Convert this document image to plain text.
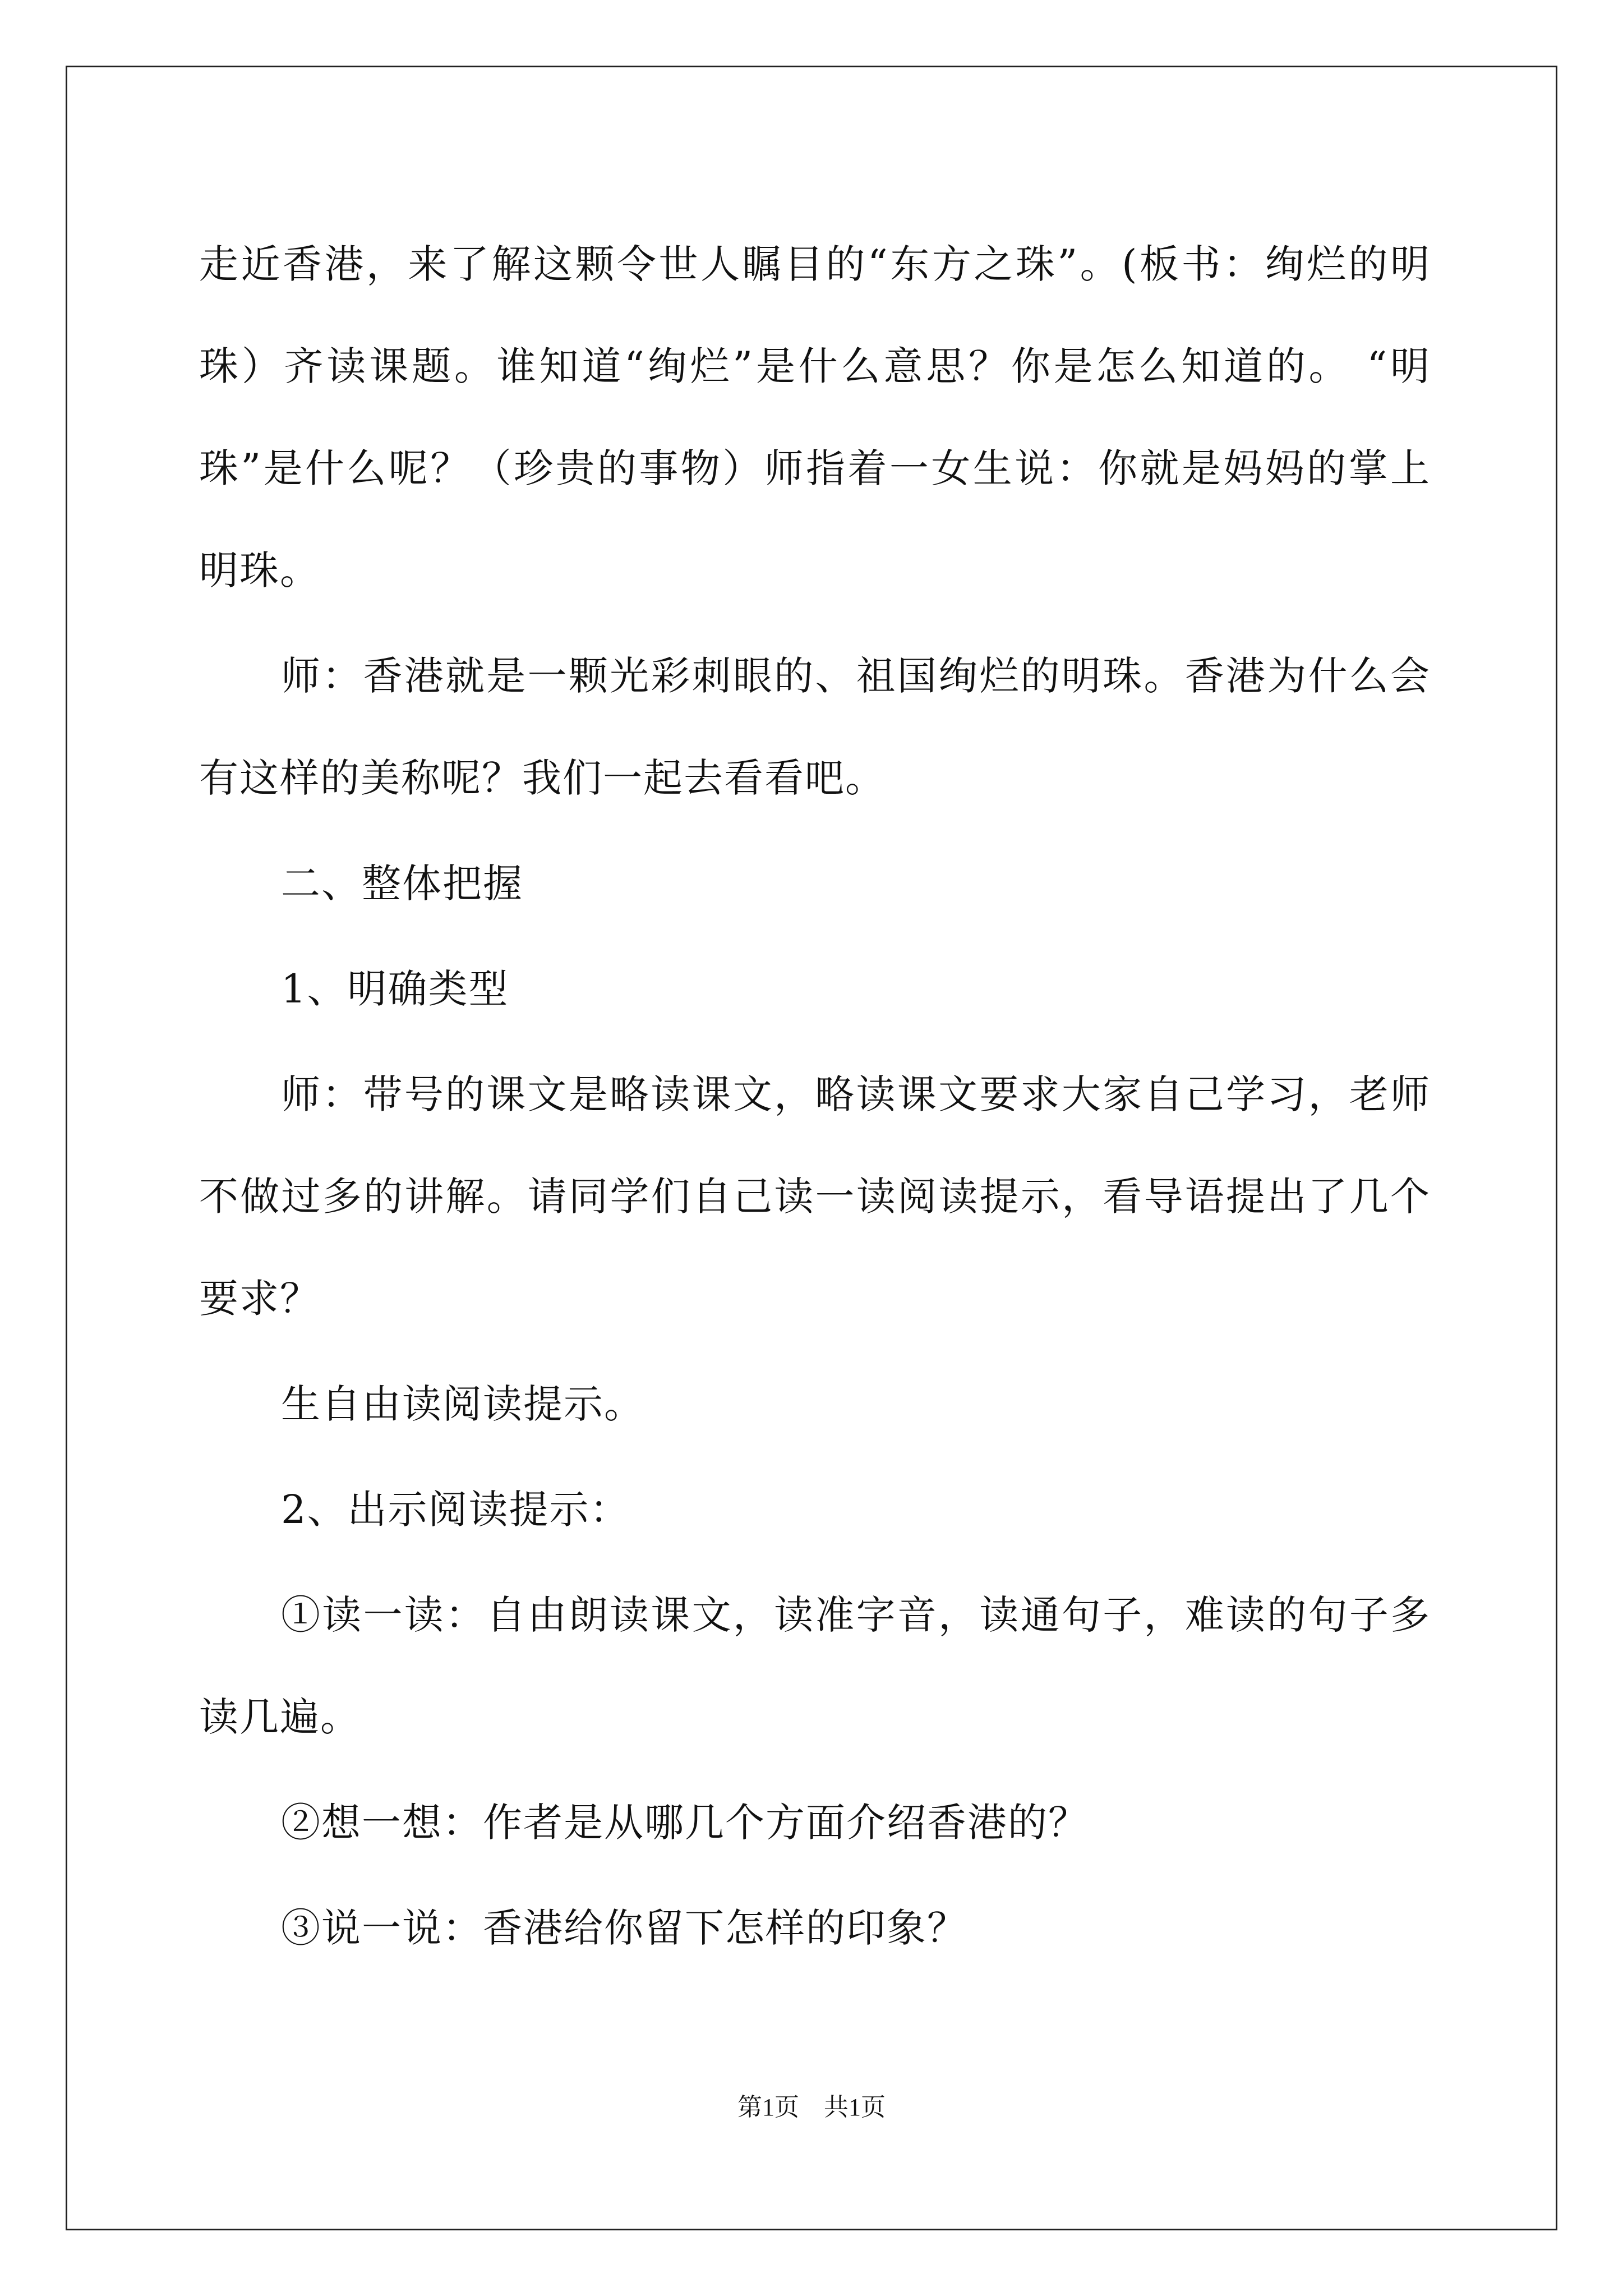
走近香港，来了解这颗令世人瞩目的“东方之珠”。(板书：绚烂的明珠）齐读课题。谁知道“绚烂”是什么意思？你是怎么知道的。 “明珠”是什么呢？（珍贵的事物）师指着一女生说：你就是妈妈的掌上明珠。

师：香港就是一颗光彩刺眼的、祖国绚烂的明珠。香港为什么会有这样的美称呢？我们一起去看看吧。

二、整体把握

1、明确类型

师：带号的课文是略读课文，略读课文要求大家自己学习，老师不做过多的讲解。请同学们自己读一读阅读提示，看导语提出了几个要求？

生自由读阅读提示。

2、出示阅读提示：

①读一读：自由朗读课文，读准字音，读通句子，难读的句子多读几遍。

②想一想：作者是从哪几个方面介绍香港的？

③说一说：香港给你留下怎样的印象？

第1页　共1页
